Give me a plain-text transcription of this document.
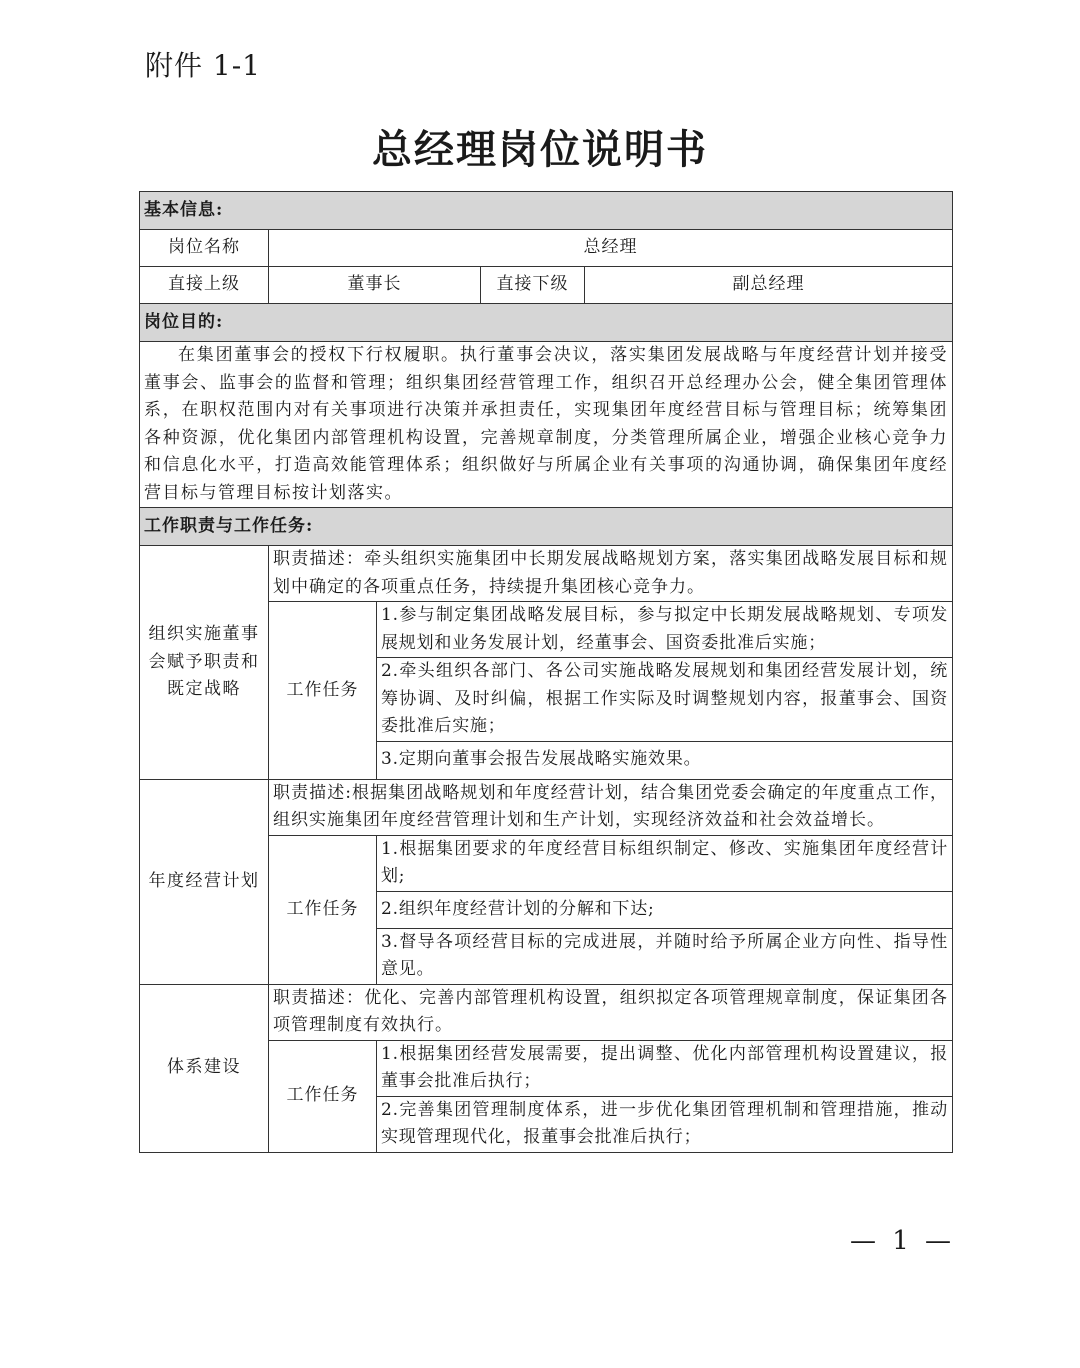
附件 1-1
总经理岗位说明书
基本信息:				
岗位名称	总经理			
直接上级	董事长		直接下级	副总经理
岗位目的:				
在集团董事会的授权下行权履职。执行董事会决议，落实集团发展战略与年度经营计划并接受董事会、监事会的监督和管理；组织集团经营管理工作，组织召开总经理办公会，健全集团管理体系，在职权范围内对有关事项进行决策并承担责任，实现集团年度经营目标与管理目标；统筹集团各种资源，优化集团内部管理机构设置，完善规章制度，分类管理所属企业，增强企业核心竞争力和信息化水平，打造高效能管理体系；组织做好与所属企业有关事项的沟通协调，确保集团年度经营目标与管理目标按计划落实。				
工作职责与工作任务:				
组织实施董事会赋予职责和既定战略	职责描述：牵头组织实施集团中长期发展战略规划方案，落实集团战略发展目标和规划中确定的各项重点任务，持续提升集团核心竞争力。			
	工作任务	1.参与制定集团战略发展目标，参与拟定中长期发展战略规划、专项发展规划和业务发展计划，经董事会、国资委批准后实施；		
		2.牵头组织各部门、各公司实施战略发展规划和集团经营发展计划，统筹协调、及时纠偏，根据工作实际及时调整规划内容，报董事会、国资委批准后实施；		
		3.定期向董事会报告发展战略实施效果。		
年度经营计划	职责描述:根据集团战略规划和年度经营计划，结合集团党委会确定的年度重点工作，组织实施集团年度经营管理计划和生产计划，实现经济效益和社会效益增长。			
	工作任务	1.根据集团要求的年度经营目标组织制定、修改、实施集团年度经营计划;		
		2.组织年度经营计划的分解和下达;		
		3.督导各项经营目标的完成进展，并随时给予所属企业方向性、指导性意见。		
体系建设	职责描述：优化、完善内部管理机构设置，组织拟定各项管理规章制度，保证集团各项管理制度有效执行。			
	工作任务	1.根据集团经营发展需要，提出调整、优化内部管理机构设置建议，报董事会批准后执行；		
		2.完善集团管理制度体系，进一步优化集团管理机制和管理措施，推动实现管理现代化，报董事会批准后执行；		
— 1 —
